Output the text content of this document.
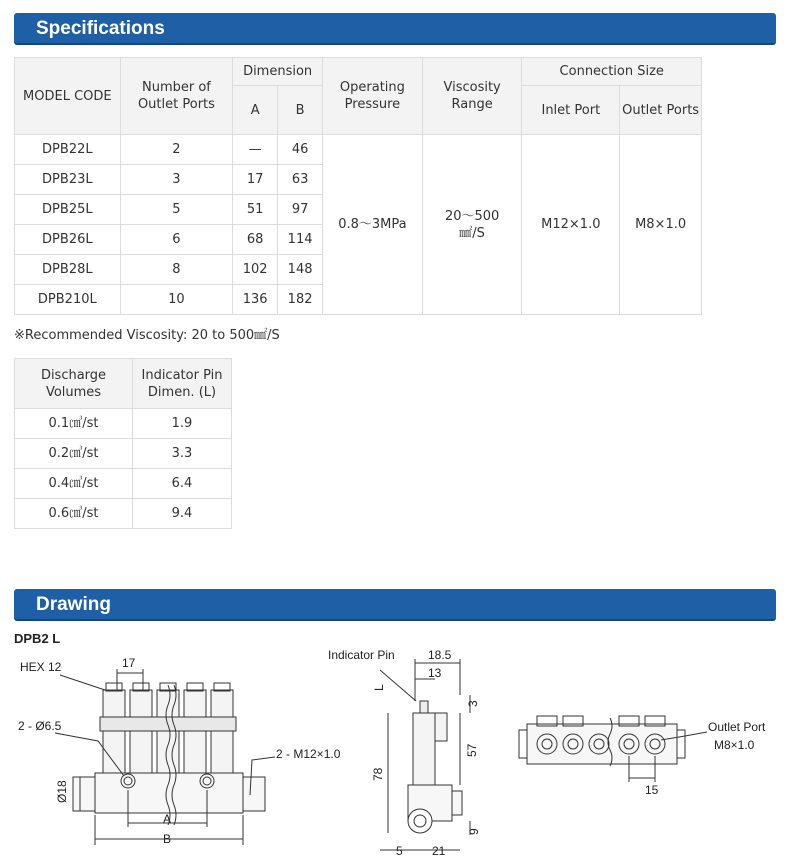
Specifications
MODEL CODE	Number of Outlet Ports	Dimension		Operating Pressure	Viscosity Range	Connection Size	
		A	B			Inlet Port	Outlet Ports
DPB22L	2	—	46	0.8〜3MPa	20〜500 ㎟/S	M12×1.0	M8×1.0
DPB23L	3	17	63				
DPB25L	5	51	97				
DPB26L	6	68	114				
DPB28L	8	102	148				
DPB210L	10	136	182				
※Recommended Viscosity: 20 to 500㎟/S
Discharge Volumes	Indicator Pin Dimen. (L)
0.1㎤/st	1.9
0.2㎤/st	3.3
0.4㎤/st	6.4
0.6㎤/st	9.4
Drawing
DPB2 L
HEX 12	17
2 - Ø6.5
2 - M12×1.0
Ø18
A
B
Indicator Pin	18.5
13
L
3
78
57
9
5 21
Outlet Port
M8×1.0
15
